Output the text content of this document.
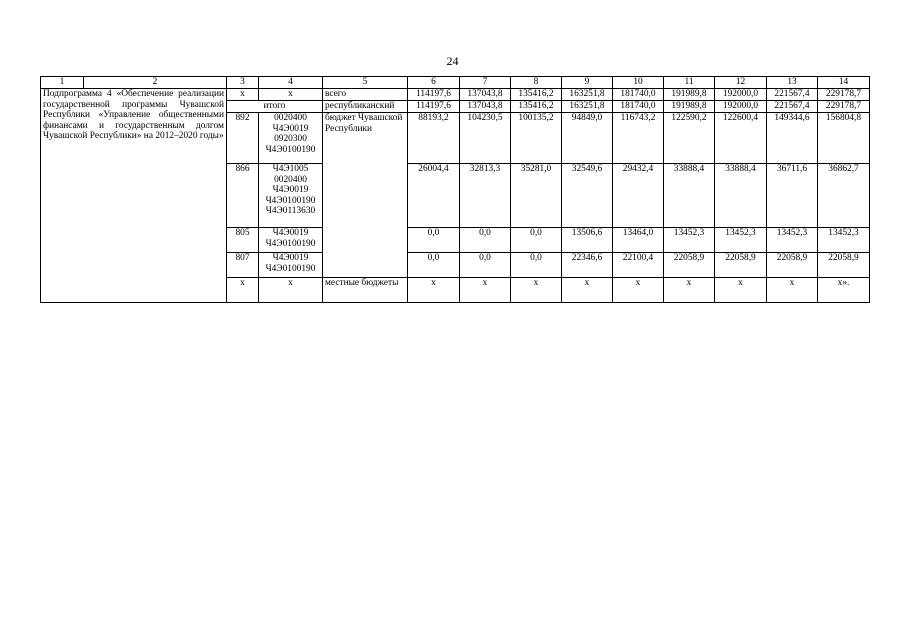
24
1	2	3	4	5	6	7	8	9	10	11	12	13	14
Подпрограмма 4 «Обеспечение реализации государственной программы Чувашской Республики «Управление общественными финансами и государственным долгом Чувашской Республики» на 2012–2020 годы»		х	х	всего	114197,6	137043,8	135416,2	163251,8	181740,0	191989,8	192000,0	221567,4	229178,7
		итого		республиканский	114197,6	137043,8	135416,2	163251,8	181740,0	191989,8	192000,0	221567,4	229178,7
		892	0020400
Ч4Э0019
0920300
Ч4Э0100190	бюджет Чувашской Республики	88193,2	104230,5	100135,2	94849,0	116743,2	122590,2	122600,4	149344,6	156804,8
		866	Ч4Э1005
0020400
Ч4Э0019
Ч4Э0100190
Ч4Э0113630		26004,4	32813,3	35281,0	32549,6	29432,4	33888,4	33888,4	36711,6	36862,7
		805	Ч4Э0019
Ч4Э0100190		0,0	0,0	0,0	13506,6	13464,0	13452,3	13452,3	13452,3	13452,3
		807	Ч4Э0019
Ч4Э0100190		0,0	0,0	0,0	22346,6	22100,4	22058,9	22058,9	22058,9	22058,9
		х	х	местные бюджеты	х	х	х	х	х	х	х	х	х».
